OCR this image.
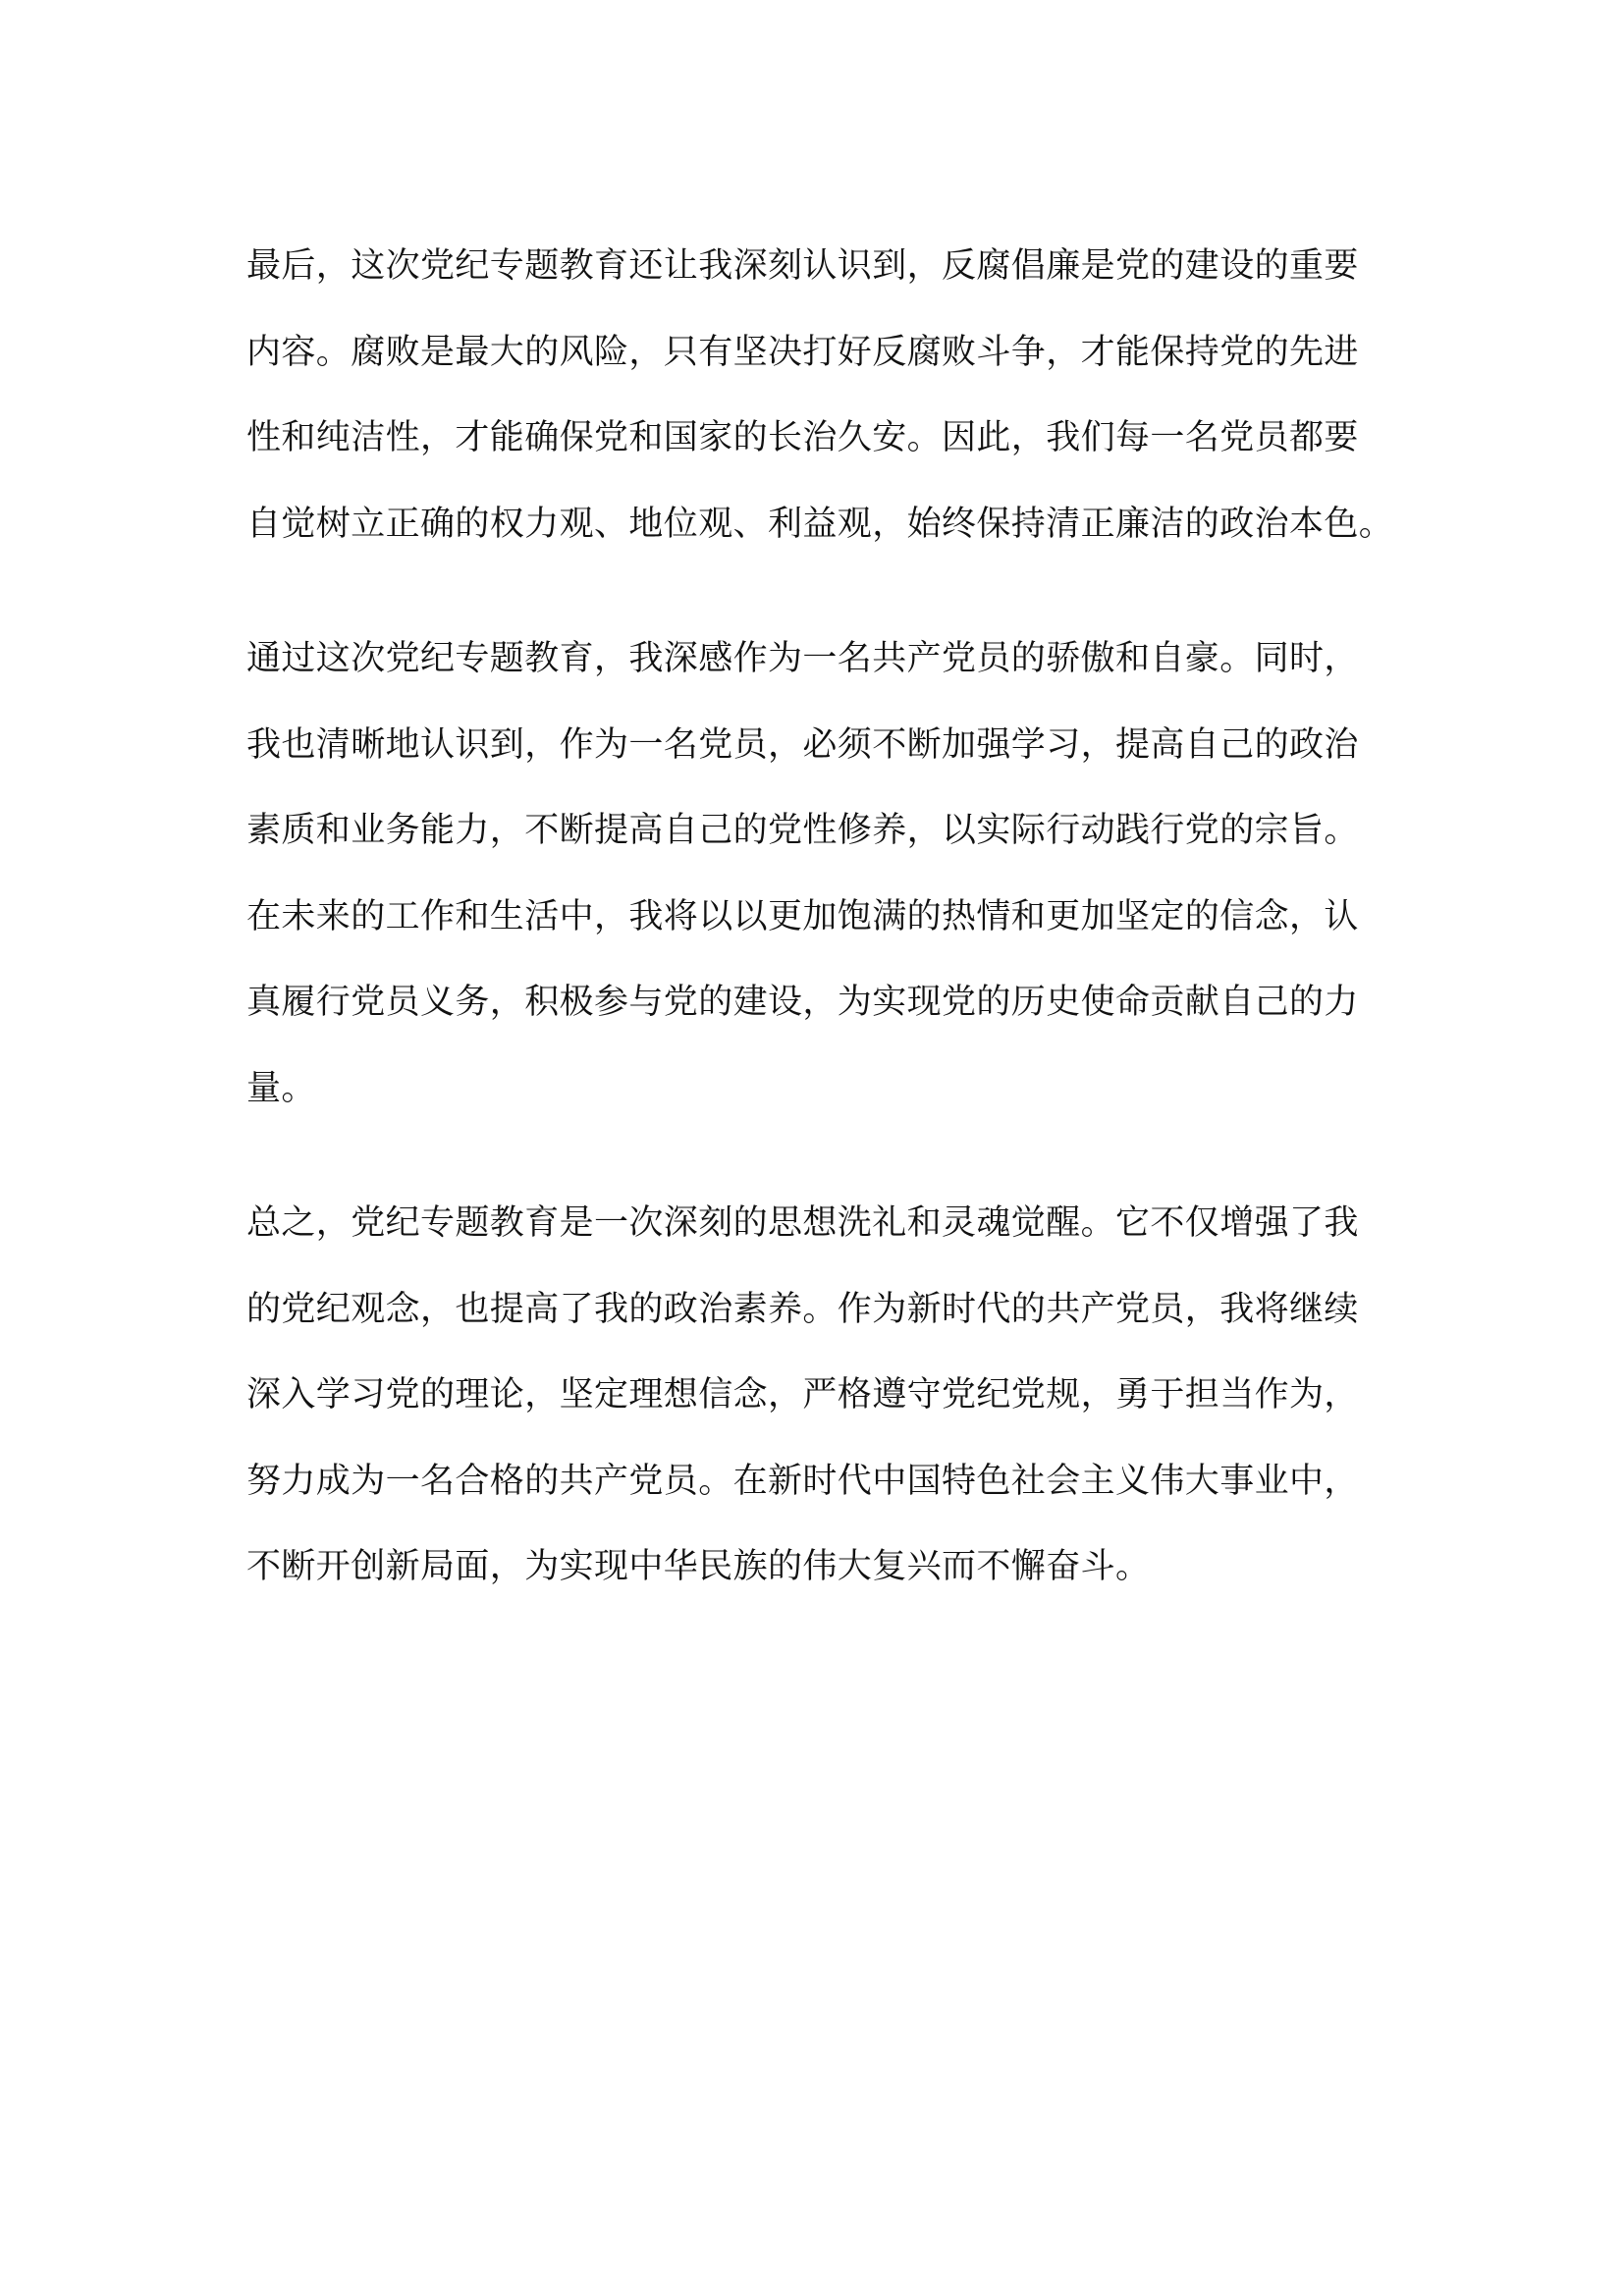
最后，这次党纪专题教育还让我深刻认识到，反腐倡廉是党的建设的重要
内容。腐败是最大的风险，只有坚决打好反腐败斗争，才能保持党的先进
性和纯洁性，才能确保党和国家的长治久安。因此，我们每一名党员都要
自觉树立正确的权力观、地位观、利益观，始终保持清正廉洁的政治本色。
通过这次党纪专题教育，我深感作为一名共产党员的骄傲和自豪。同时，
我也清晰地认识到，作为一名党员，必须不断加强学习，提高自己的政治
素质和业务能力，不断提高自己的党性修养，以实际行动践行党的宗旨。
在未来的工作和生活中，我将以以更加饱满的热情和更加坚定的信念，认
真履行党员义务，积极参与党的建设，为实现党的历史使命贡献自己的力
量。
总之，党纪专题教育是一次深刻的思想洗礼和灵魂觉醒。它不仅增强了我
的党纪观念，也提高了我的政治素养。作为新时代的共产党员，我将继续
深入学习党的理论，坚定理想信念，严格遵守党纪党规，勇于担当作为，
努力成为一名合格的共产党员。在新时代中国特色社会主义伟大事业中，
不断开创新局面，为实现中华民族的伟大复兴而不懈奋斗。
